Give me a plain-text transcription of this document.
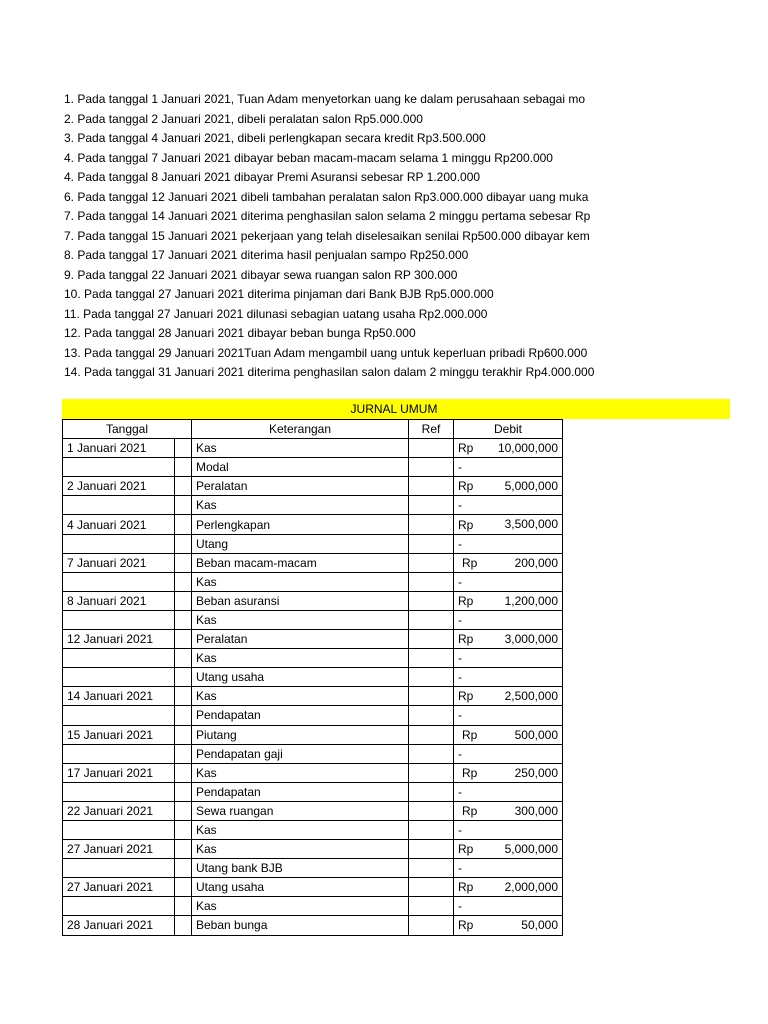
1. Pada tanggal 1 Januari 2021, Tuan Adam menyetorkan uang ke dalam perusahaan sebagai mo
2. Pada tanggal 2 Januari 2021, dibeli peralatan salon Rp5.000.000
3. Pada tanggal 4 Januari 2021, dibeli perlengkapan secara kredit Rp3.500.000
4. Pada tanggal 7 Januari 2021 dibayar beban macam-macam selama 1 minggu Rp200.000
4. Pada tanggal 8 Januari 2021 dibayar Premi Asuransi sebesar RP 1.200.000
6. Pada tanggal 12 Januari 2021 dibeli tambahan peralatan salon Rp3.000.000 dibayar uang muka
7. Pada tanggal 14 Januari 2021 diterima penghasilan salon selama 2 minggu pertama sebesar Rp
7. Pada tanggal 15 Januari 2021 pekerjaan yang telah diselesaikan senilai Rp500.000 dibayar kem
8. Pada tanggal 17 Januari 2021 diterima hasil penjualan sampo Rp250.000
9. Pada tanggal 22 Januari 2021 dibayar sewa ruangan salon RP 300.000
10. Pada tanggal 27 Januari 2021 diterima pinjaman dari Bank BJB Rp5.000.000
11. Pada tanggal 27 Januari 2021 dilunasi sebagian uatang usaha Rp2.000.000
12. Pada tanggal 28 Januari 2021 dibayar beban bunga Rp50.000
13. Pada tanggal 29 Januari 2021Tuan Adam mengambil uang untuk keperluan pribadi Rp600.000
14. Pada tanggal 31 Januari 2021 diterima penghasilan salon dalam 2 minggu terakhir Rp4.000.000
JURNAL UMUM
Tanggal		Keterangan	Ref	Debit
1 Januari 2021		Kas		Rp 10,000,000

		Modal		-

2 Januari 2021		Peralatan		Rp 5,000,000

		Kas		-

4 Januari 2021		Perlengkapan		Rp 3,500,000

		Utang		-

7 Januari 2021		Beban macam-macam		Rp 200,000

		Kas		-

8 Januari 2021		Beban asuransi		Rp 1,200,000

		Kas		-

12 Januari 2021		Peralatan		Rp 3,000,000

		Kas		-

		Utang usaha		-

14 Januari 2021		Kas		Rp 2,500,000

		Pendapatan		-

15 Januari 2021		Piutang		Rp 500,000

		Pendapatan gaji		-

17 Januari 2021		Kas		Rp 250,000

		Pendapatan		-

22 Januari 2021		Sewa ruangan		Rp 300,000

		Kas		-

27 Januari 2021		Kas		Rp 5,000,000

		Utang bank BJB		-

27 Januari 2021		Utang usaha		Rp 2,000,000

		Kas		-

28 Januari 2021		Beban bunga		Rp 50,000
